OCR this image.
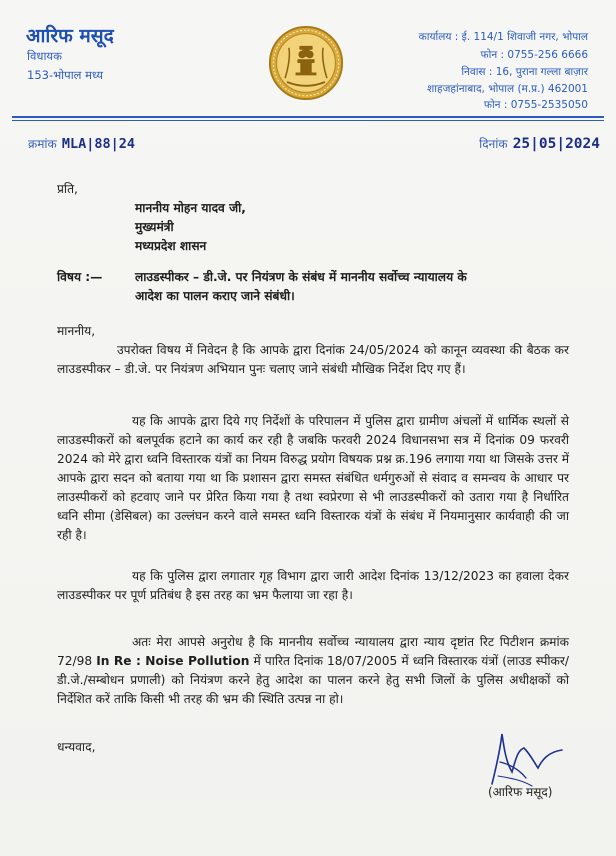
आरिफ मसूद
विधायक
153-भोपाल मध्य
कार्यालय : ई. 114/1 शिवाजी नगर, भोपाल
फोन : 0755-256 6666
निवास : 16, पुराना गल्ला बाज़ार
शाहजहांनाबाद, भोपाल (म.प्र.) 462001
फोन : 0755-2535050
क्रमांक MLA|88|24	दिनांक 25|05|2024
प्रति,
माननीय मोहन यादव जी,
मुख्यमंत्री
मध्यप्रदेश शासन
विषय :—	लाउडस्पीकर – डी.जे. पर नियंत्रण के संबंध में माननीय सर्वोच्च न्यायालय के
आदेश का पालन कराए जाने संबंधी।
माननीय,

उपरोक्त विषय में निवेदन है कि आपके द्वारा दिनांक 24/05/2024 को कानून व्यवस्था की बैठक कर लाउडस्पीकर – डी.जे. पर नियंत्रण अभियान पुनः चलाए जाने संबंधी मौखिक निर्देश दिए गए हैं।

यह कि आपके द्वारा दिये गए निर्देशों के परिपालन में पुलिस द्वारा ग्रामीण अंचलों में धार्मिक स्थलों से लाउडस्पीकरों को बलपूर्वक हटाने का कार्य कर रही है जबकि फरवरी 2024 विधानसभा सत्र में दिनांक 09 फरवरी 2024 को मेरे द्वारा ध्वनि विस्तारक यंत्रों का नियम विरुद्ध प्रयोग विषयक प्रश्न क्र.196 लगाया गया था जिसके उत्तर में आपके द्वारा सदन को बताया गया था कि प्रशासन द्वारा समस्त संबंधित धर्मगुरुओं से संवाद व समन्वय के आधार पर लाउस्पीकरों को हटवाए जाने पर प्रेरित किया गया है तथा स्वप्रेरणा से भी लाउडस्पीकरों को उतारा गया है निर्धारित ध्वनि सीमा (डेसिबल) का उल्लंघन करने वाले समस्त ध्वनि विस्तारक यंत्रों के संबंध में नियमानुसार कार्यवाही की जा रही है।

यह कि पुलिस द्वारा लगातार गृह विभाग द्वारा जारी आदेश दिनांक 13/12/2023 का हवाला देकर लाउडस्पीकर पर पूर्ण प्रतिबंध है इस तरह का भ्रम फैलाया जा रहा है।

अतः मेरा आपसे अनुरोध है कि माननीय सर्वोच्च न्यायालय द्वारा न्याय दृष्टांत रिट पिटीशन क्रमांक 72/98 In Re : Noise Pollution में पारित दिनांक 18/07/2005 में ध्वनि विस्तारक यंत्रों (लाउड स्पीकर/डी.जे./सम्बोधन प्रणाली) को नियंत्रण करने हेतु आदेश का पालन करने हेतु सभी जिलों के पुलिस अधीक्षकों को निर्देशित करें ताकि किसी भी तरह की भ्रम की स्थिति उत्पन्न ना हो।

धन्यवाद,
(आरिफ मसूद)
